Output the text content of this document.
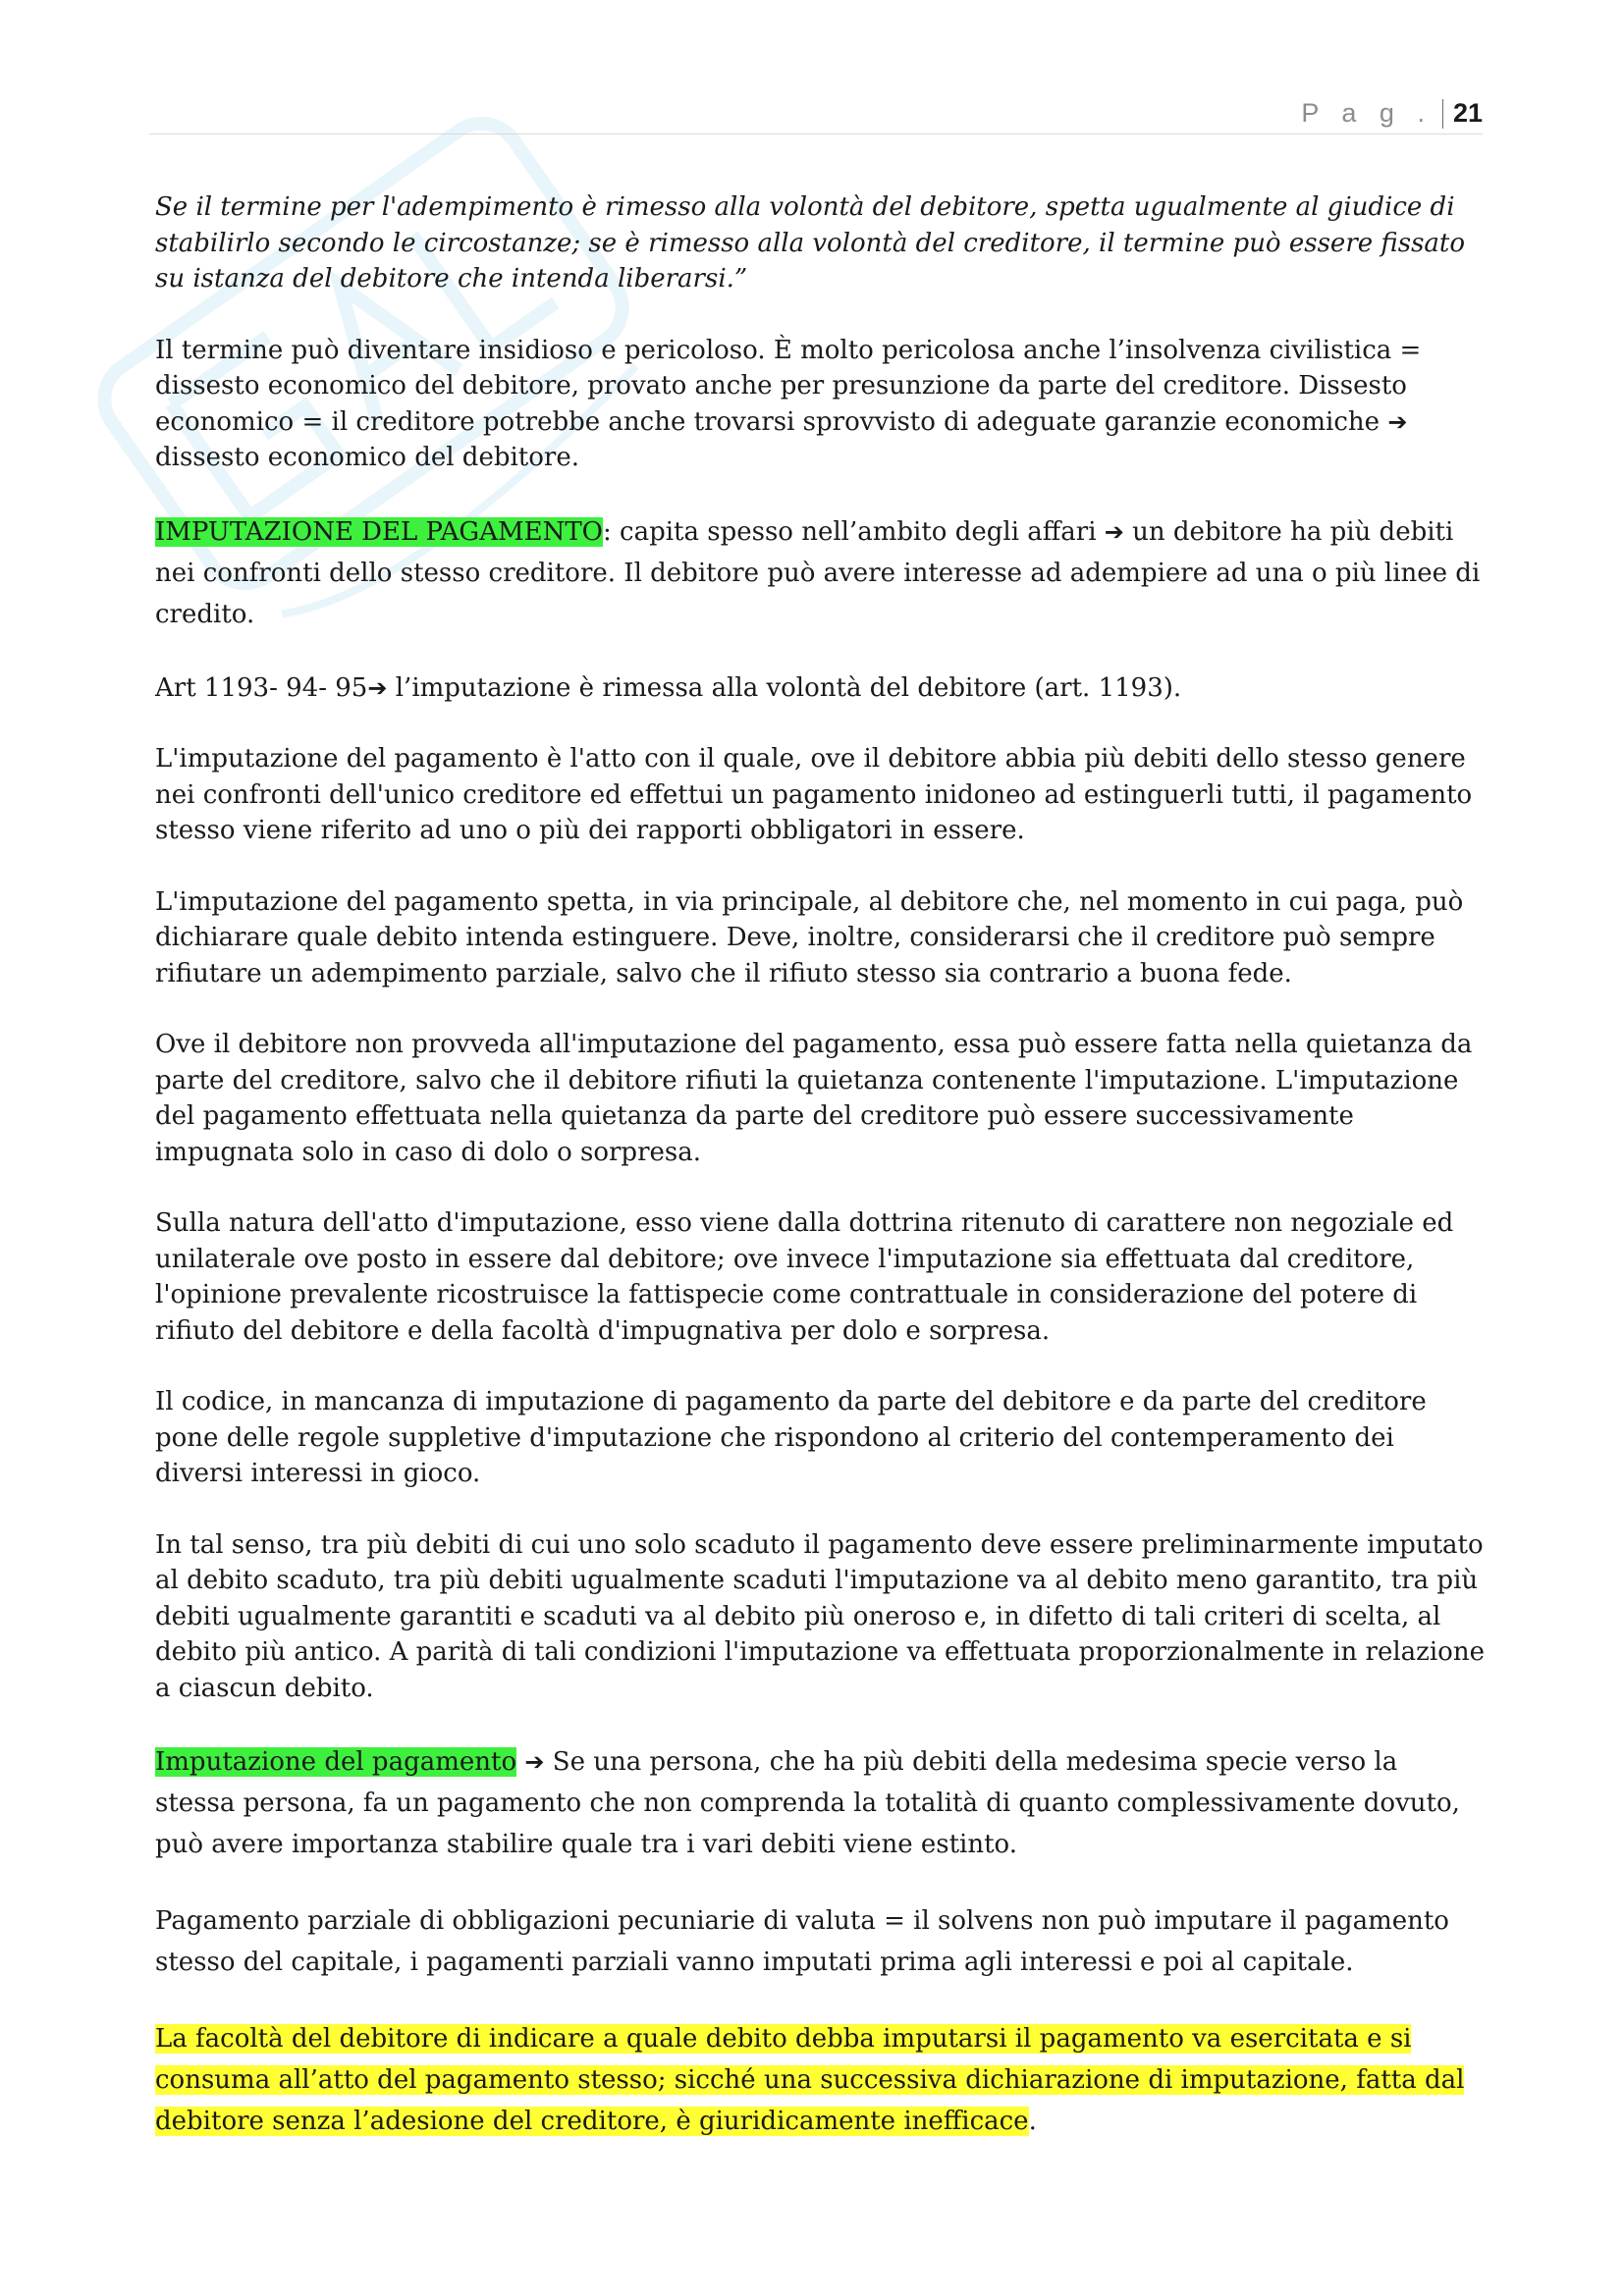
P a g . 21

Se il termine per l'adempimento è rimesso alla volontà del debitore, spetta ugualmente al giudice di stabilirlo secondo le circostanze; se è rimesso alla volontà del creditore, il termine può essere fissato su istanza del debitore che intenda liberarsi.”

Il termine può diventare insidioso e pericoloso. È molto pericolosa anche l’insolvenza civilistica = dissesto economico del debitore, provato anche per presunzione da parte del creditore. Dissesto economico = il creditore potrebbe anche trovarsi sprovvisto di adeguate garanzie economiche ➔ dissesto economico del debitore.

IMPUTAZIONE DEL PAGAMENTO: capita spesso nell’ambito degli affari ➔ un debitore ha più debiti nei confronti dello stesso creditore. Il debitore può avere interesse ad adempiere ad una o più linee di credito.

Art 1193- 94- 95➔ l’imputazione è rimessa alla volontà del debitore (art. 1193).

L'imputazione del pagamento è l'atto con il quale, ove il debitore abbia più debiti dello stesso genere nei confronti dell'unico creditore ed effettui un pagamento inidoneo ad estinguerli tutti, il pagamento stesso viene riferito ad uno o più dei rapporti obbligatori in essere.

L'imputazione del pagamento spetta, in via principale, al debitore che, nel momento in cui paga, può dichiarare quale debito intenda estinguere. Deve, inoltre, considerarsi che il creditore può sempre rifiutare un adempimento parziale, salvo che il rifiuto stesso sia contrario a buona fede.

Ove il debitore non provveda all'imputazione del pagamento, essa può essere fatta nella quietanza da parte del creditore, salvo che il debitore rifiuti la quietanza contenente l'imputazione. L'imputazione del pagamento effettuata nella quietanza da parte del creditore può essere successivamente impugnata solo in caso di dolo o sorpresa.

Sulla natura dell'atto d'imputazione, esso viene dalla dottrina ritenuto di carattere non negoziale ed unilaterale ove posto in essere dal debitore; ove invece l'imputazione sia effettuata dal creditore, l'opinione prevalente ricostruisce la fattispecie come contrattuale in considerazione del potere di rifiuto del debitore e della facoltà d'impugnativa per dolo e sorpresa.

Il codice, in mancanza di imputazione di pagamento da parte del debitore e da parte del creditore pone delle regole suppletive d'imputazione che rispondono al criterio del contemperamento dei diversi interessi in gioco.

In tal senso, tra più debiti di cui uno solo scaduto il pagamento deve essere preliminarmente imputato al debito scaduto, tra più debiti ugualmente scaduti l'imputazione va al debito meno garantito, tra più debiti ugualmente garantiti e scaduti va al debito più oneroso e, in difetto di tali criteri di scelta, al debito più antico. A parità di tali condizioni l'imputazione va effettuata proporzionalmente in relazione a ciascun debito.

Imputazione del pagamento ➔ Se una persona, che ha più debiti della medesima specie verso la stessa persona, fa un pagamento che non comprenda la totalità di quanto complessivamente dovuto, può avere importanza stabilire quale tra i vari debiti viene estinto.

Pagamento parziale di obbligazioni pecuniarie di valuta = il solvens non può imputare il pagamento stesso del capitale, i pagamenti parziali vanno imputati prima agli interessi e poi al capitale.

La facoltà del debitore di indicare a quale debito debba imputarsi il pagamento va esercitata e si consuma all’atto del pagamento stesso; sicché una successiva dichiarazione di imputazione, fatta dal debitore senza l’adesione del creditore, è giuridicamente inefficace.
